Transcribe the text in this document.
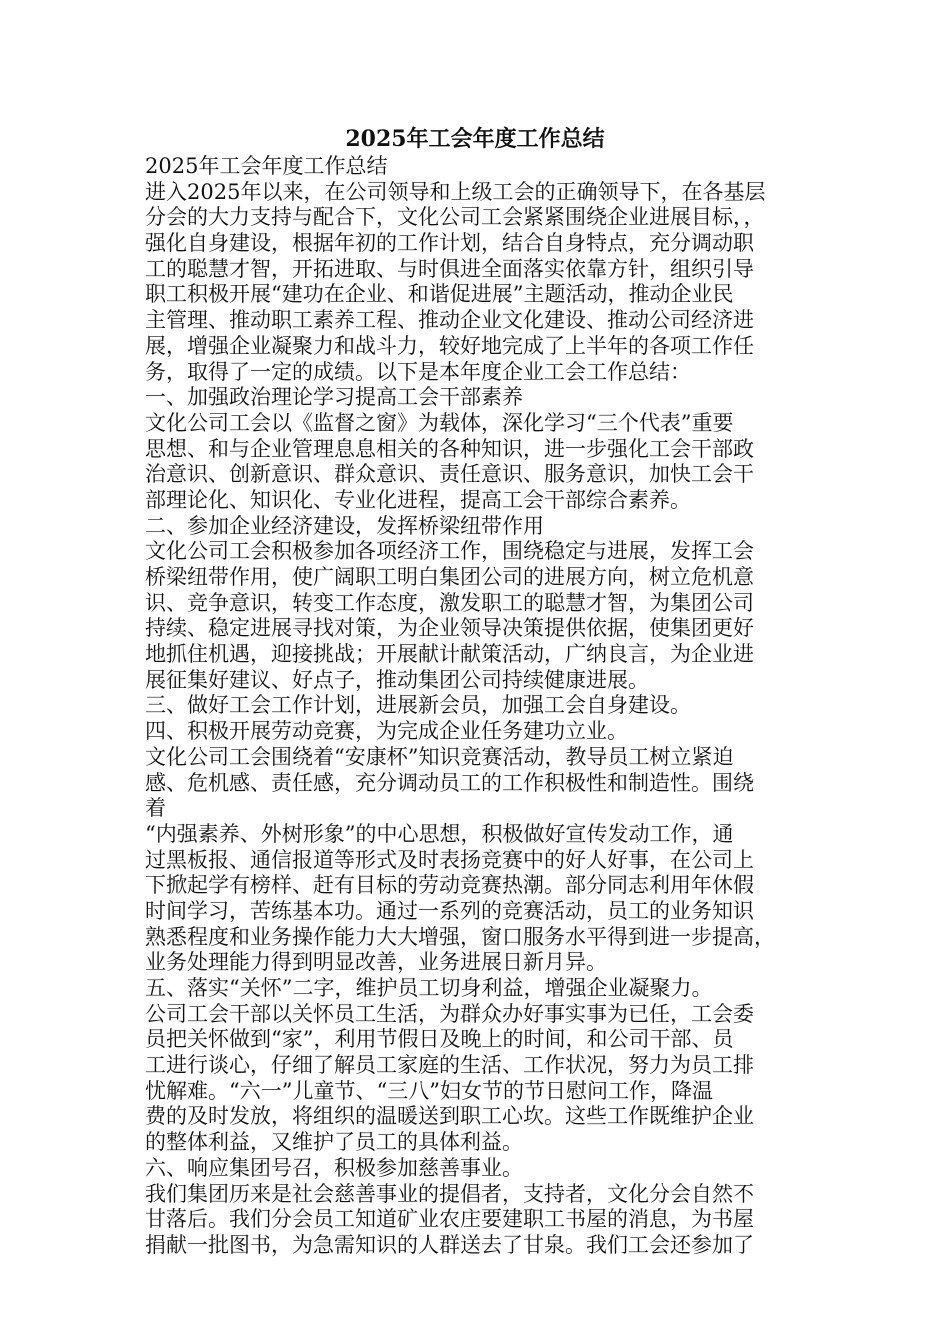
2025年工会年度工作总结

2025年工会年度工作总结

进入2025年以来，在公司领导和上级工会的正确领导下，在各基层

分会的大力支持与配合下，文化公司工会紧紧围绕企业进展目标，，

强化自身建设，根据年初的工作计划，结合自身特点，充分调动职

工的聪慧才智，开拓进取、与时俱进全面落实依靠方针，组织引导

职工积极开展“建功在企业、和谐促进展”主题活动，推动企业民

主管理、推动职工素养工程、推动企业文化建设、推动公司经济进

展，增强企业凝聚力和战斗力，较好地完成了上半年的各项工作任

务，取得了一定的成绩。以下是本年度企业工会工作总结：

一、加强政治理论学习提高工会干部素养

文化公司工会以《监督之窗》为载体，深化学习“三个代表”重要

思想、和与企业管理息息相关的各种知识，进一步强化工会干部政

治意识、创新意识、群众意识、责任意识、服务意识，加快工会干

部理论化、知识化、专业化进程，提高工会干部综合素养。

二、参加企业经济建设，发挥桥梁纽带作用

文化公司工会积极参加各项经济工作，围绕稳定与进展，发挥工会

桥梁纽带作用，使广阔职工明白集团公司的进展方向，树立危机意

识、竞争意识，转变工作态度，激发职工的聪慧才智，为集团公司

持续、稳定进展寻找对策，为企业领导决策提供依据，使集团更好

地抓住机遇，迎接挑战；开展献计献策活动，广纳良言，为企业进

展征集好建议、好点子，推动集团公司持续健康进展。

三、做好工会工作计划，进展新会员，加强工会自身建设。

四、积极开展劳动竞赛，为完成企业任务建功立业。

文化公司工会围绕着“安康杯”知识竞赛活动，教导员工树立紧迫

感、危机感、责任感，充分调动员工的工作积极性和制造性。围绕

着

“内强素养、外树形象”的中心思想，积极做好宣传发动工作，通

过黑板报、通信报道等形式及时表扬竞赛中的好人好事，在公司上

下掀起学有榜样、赶有目标的劳动竞赛热潮。部分同志利用年休假

时间学习，苦练基本功。通过一系列的竞赛活动，员工的业务知识

熟悉程度和业务操作能力大大增强，窗口服务水平得到进一步提高，

业务处理能力得到明显改善，业务进展日新月异。

五、落实“关怀”二字，维护员工切身利益，增强企业凝聚力。

公司工会干部以关怀员工生活，为群众办好事实事为已任，工会委

员把关怀做到“家”，利用节假日及晚上的时间，和公司干部、员

工进行谈心，仔细了解员工家庭的生活、工作状况，努力为员工排

忧解难。“六一”儿童节、“三八”妇女节的节日慰问工作，降温

费的及时发放，将组织的温暖送到职工心坎。这些工作既维护企业

的整体利益，又维护了员工的具体利益。

六、响应集团号召，积极参加慈善事业。

我们集团历来是社会慈善事业的提倡者，支持者，文化分会自然不

甘落后。我们分会员工知道矿业农庄要建职工书屋的消息，为书屋

捐献一批图书，为急需知识的人群送去了甘泉。我们工会还参加了
